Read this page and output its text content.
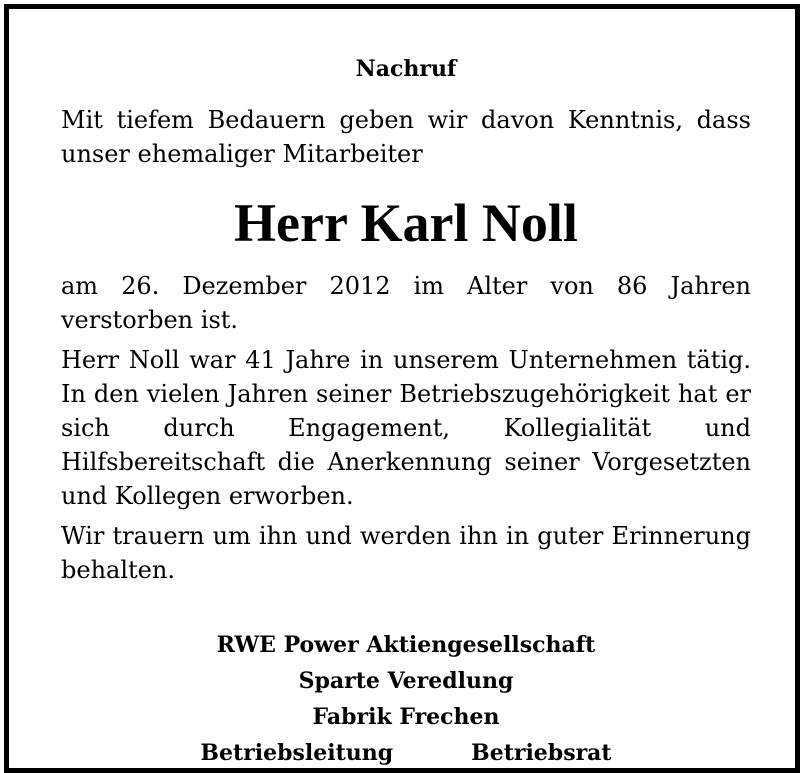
Nachruf

Mit tiefem Bedauern geben wir davon Kenntnis, dass unser ehemaliger Mitarbeiter

Herr Karl Noll

am 26. Dezember 2012 im Alter von 86 Jahren verstorben ist.

Herr Noll war 41 Jahre in unserem Unternehmen tätig. In den vielen Jahren seiner Betriebszugehörigkeit hat er sich durch Engagement, Kollegialität und Hilfsbereitschaft die Anerkennung seiner Vorgesetzten und Kollegen erworben.

Wir trauern um ihn und werden ihn in guter Erinnerung behalten.

RWE Power Aktiengesellschaft
Sparte Veredlung
Fabrik Frechen
Betriebsleitung	Betriebsrat
